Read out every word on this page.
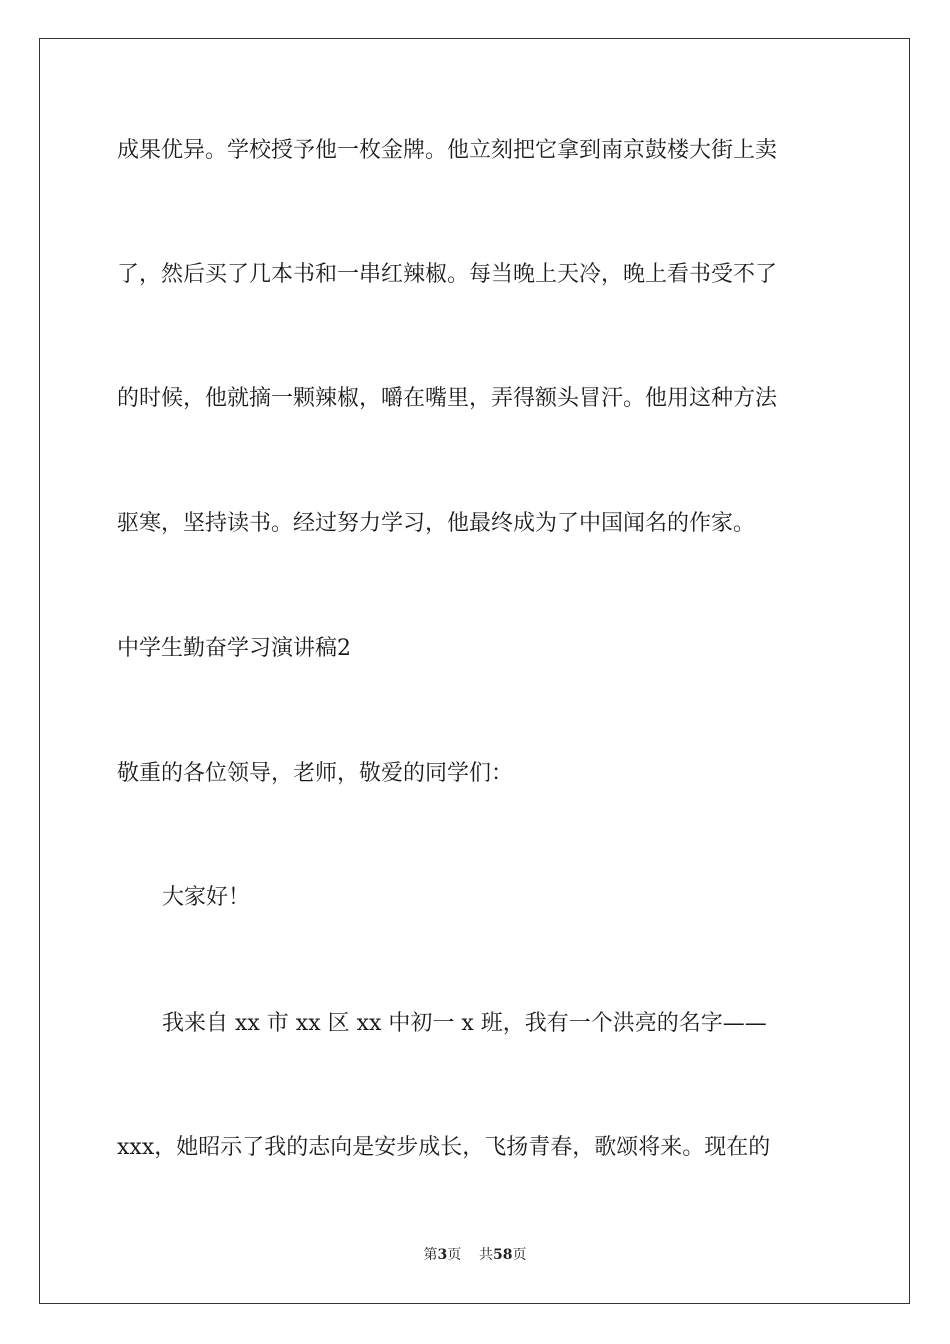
成果优异。学校授予他一枚金牌。他立刻把它拿到南京鼓楼大街上卖
了，然后买了几本书和一串红辣椒。每当晚上天冷，晚上看书受不了
的时候，他就摘一颗辣椒，嚼在嘴里，弄得额头冒汗。他用这种方法
驱寒，坚持读书。经过努力学习，他最终成为了中国闻名的作家。
中学生勤奋学习演讲稿2
敬重的各位领导，老师，敬爱的同学们：
大家好！
我来自 xx 市 xx 区 xx 中初一 x 班，我有一个洪亮的名字——
xxx，她昭示了我的志向是安步成长，飞扬青春，歌颂将来。现在的
第3页 共58页
